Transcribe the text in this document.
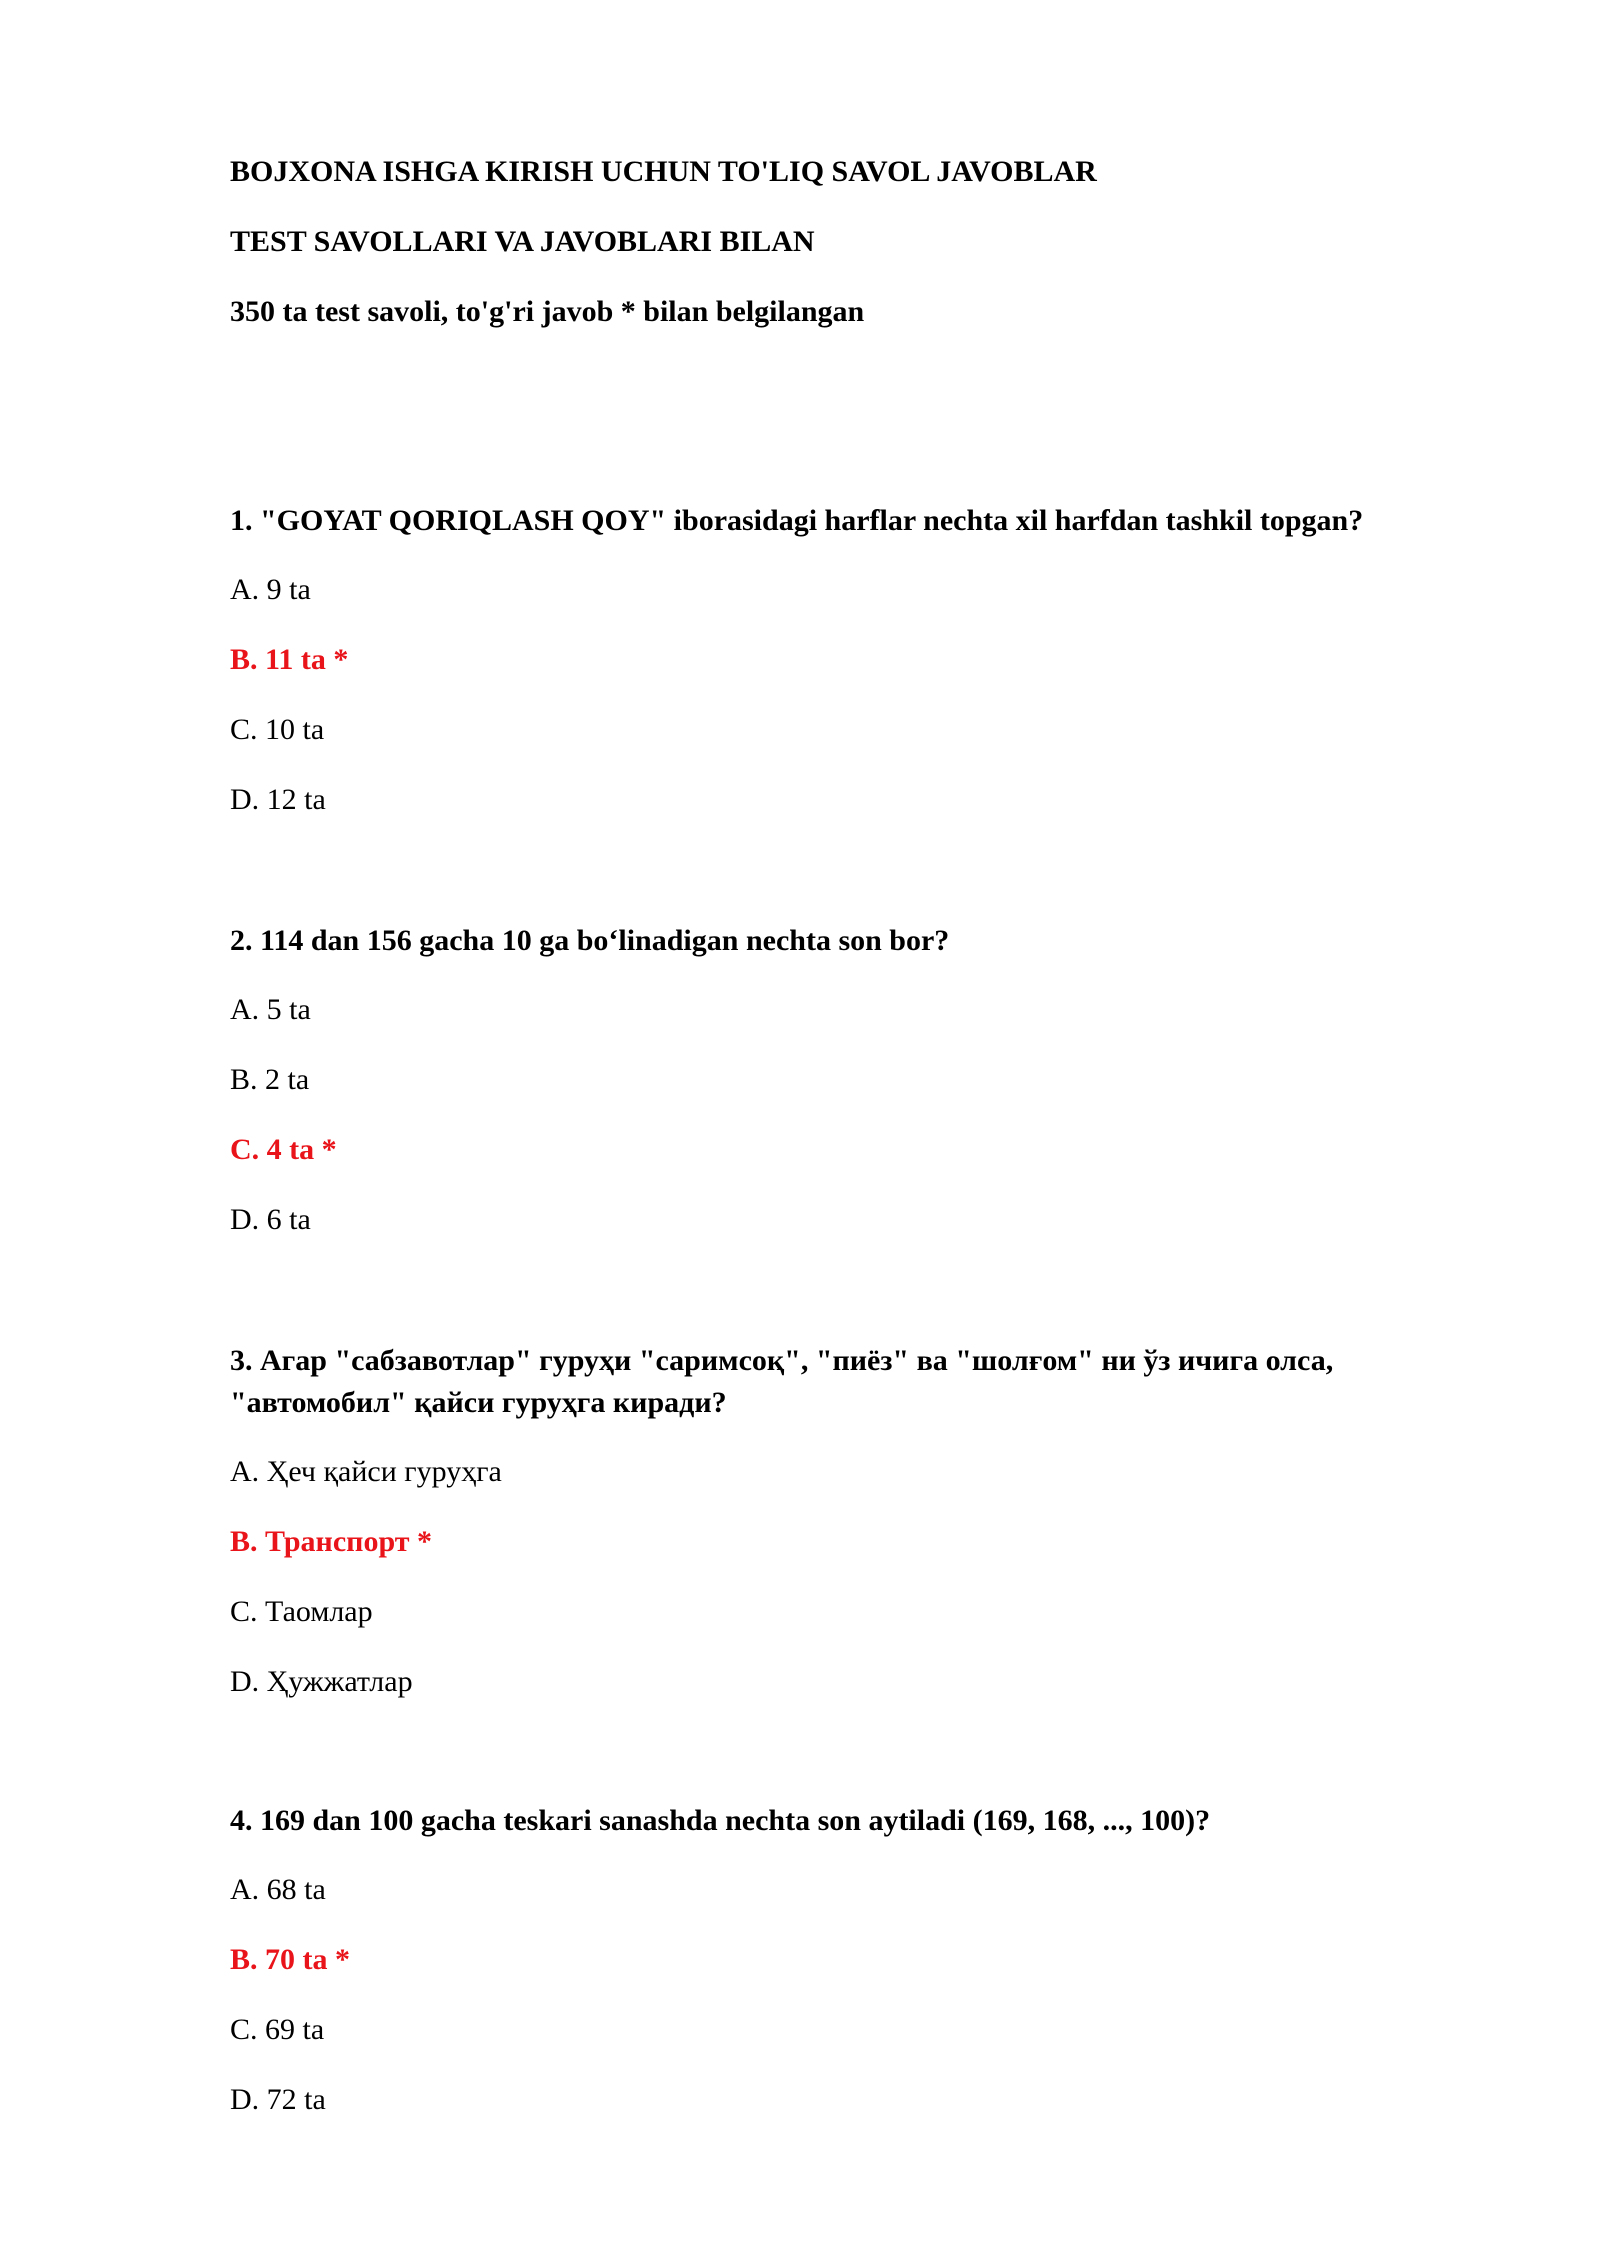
BOJXONA ISHGA KIRISH UCHUN TO'LIQ SAVOL JAVOBLAR

TEST SAVOLLARI VA JAVOBLARI BILAN

350 ta test savoli, to'g'ri javob * bilan belgilangan

1. "GOYAT QORIQLASH QOY" iborasidagi harflar nechta xil harfdan tashkil topgan?

A. 9 ta

B. 11 ta *

C. 10 ta

D. 12 ta

2. 114 dan 156 gacha 10 ga bo‘linadigan nechta son bor?

A. 5 ta

B. 2 ta

C. 4 ta *

D. 6 ta

3. Агар "сабзавотлар" гуруҳи "саримсоқ", "пиёз" ва "шолғом" ни ўз ичига олса,

"автомобил" қайси гуруҳга киради?

A. Ҳеч қайси гуруҳга

B. Транспорт *

C. Таомлар

D. Ҳужжатлар

4. 169 dan 100 gacha teskari sanashda nechta son aytiladi (169, 168, ..., 100)?

A. 68 ta

B. 70 ta *

C. 69 ta

D. 72 ta
